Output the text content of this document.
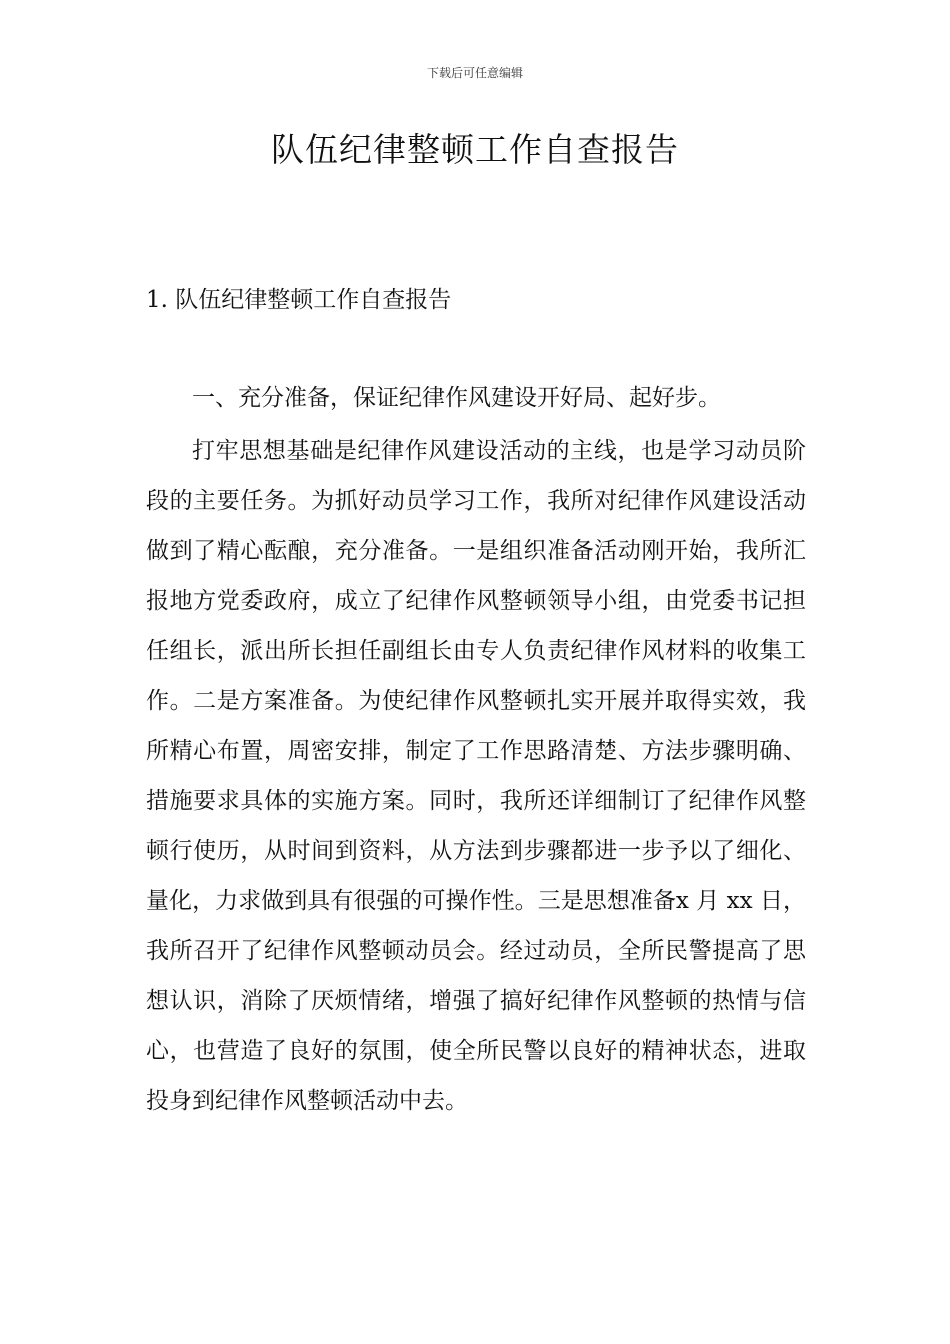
下载后可任意编辑
队伍纪律整顿工作自查报告
1. 队伍纪律整顿工作自查报告
一、充分准备，保证纪律作风建设开好局、起好步。

打牢思想基础是纪律作风建设活动的主线，也是学习动员阶段的主要任务。为抓好动员学习工作，我所对纪律作风建设活动做到了精心酝酿，充分准备。一是组织准备活动刚开始，我所汇报地方党委政府，成立了纪律作风整顿领导小组，由党委书记担任组长，派出所长担任副组长由专人负责纪律作风材料的收集工作。二是方案准备。为使纪律作风整顿扎实开展并取得实效，我所精心布置，周密安排，制定了工作思路清楚、方法步骤明确、措施要求具体的实施方案。同时，我所还详细制订了纪律作风整顿行使历，从时间到资料，从方法到步骤都进一步予以了细化、量化，力求做到具有很强的可操作性。三是思想准备x 月 xx 日，我所召开了纪律作风整顿动员会。经过动员，全所民警提高了思想认识，消除了厌烦情绪，增强了搞好纪律作风整顿的热情与信心，也营造了良好的氛围，使全所民警以良好的精神状态，进取投身到纪律作风整顿活动中去。
